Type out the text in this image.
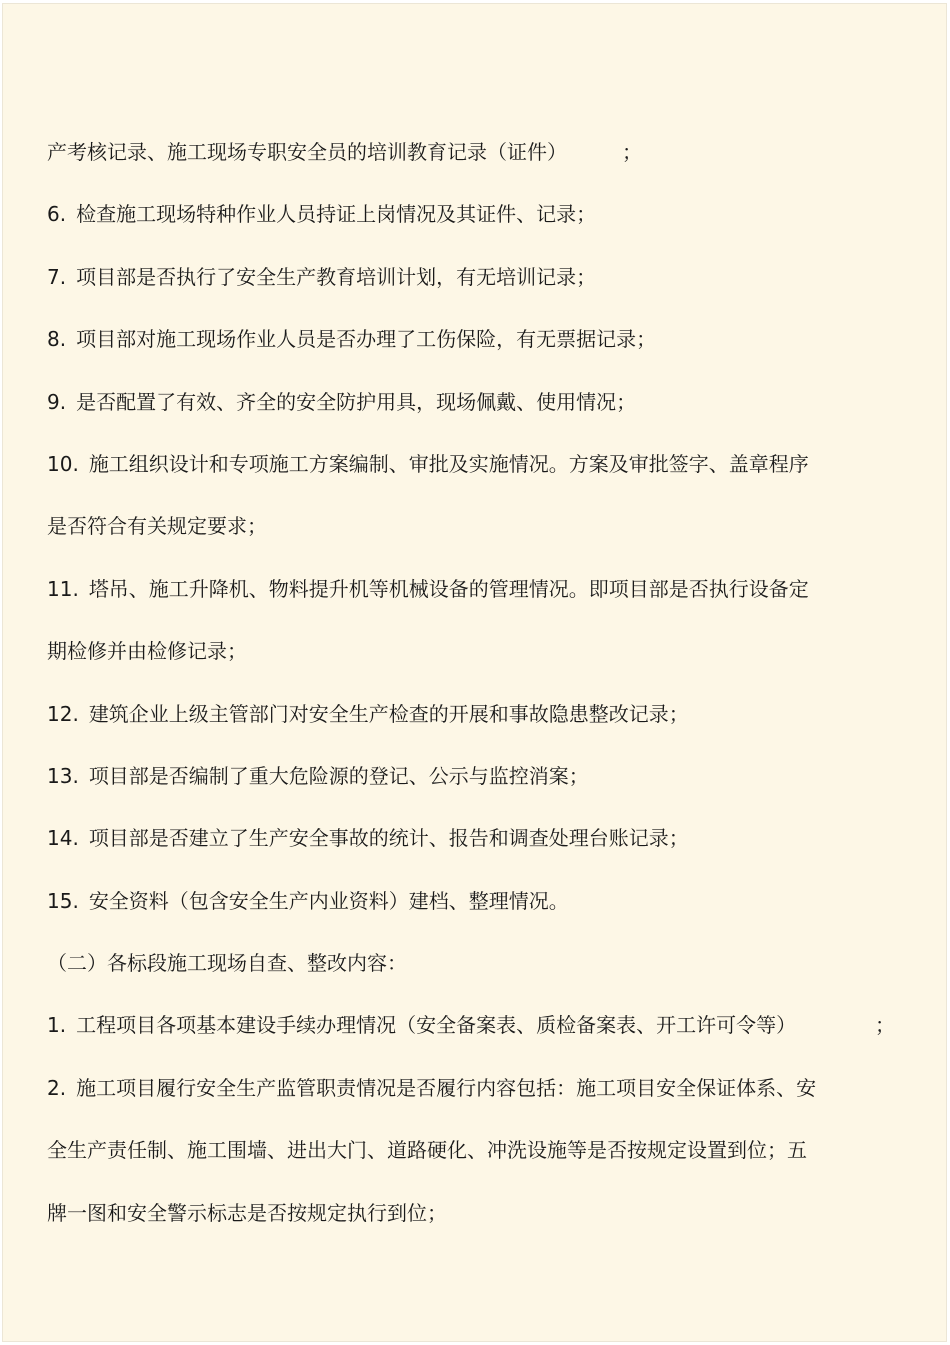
产考核记录、施工现场专职安全员的培训教育记录（证件）	；
6. 检查施工现场特种作业人员持证上岗情况及其证件、记录；
7. 项目部是否执行了安全生产教育培训计划，有无培训记录；
8. 项目部对施工现场作业人员是否办理了工伤保险，有无票据记录；
9. 是否配置了有效、齐全的安全防护用具，现场佩戴、使用情况；
10. 施工组织设计和专项施工方案编制、审批及实施情况。方案及审批签字、盖章程序
是否符合有关规定要求；
11. 塔吊、施工升降机、物料提升机等机械设备的管理情况。即项目部是否执行设备定
期检修并由检修记录；
12. 建筑企业上级主管部门对安全生产检查的开展和事故隐患整改记录；
13. 项目部是否编制了重大危险源的登记、公示与监控消案；
14. 项目部是否建立了生产安全事故的统计、报告和调查处理台账记录；
15. 安全资料（包含安全生产内业资料）建档、整理情况。
（二）各标段施工现场自查、整改内容：
1. 工程项目各项基本建设手续办理情况（安全备案表、质检备案表、开工许可令等）	；
2. 施工项目履行安全生产监管职责情况是否履行内容包括：施工项目安全保证体系、安
全生产责任制、施工围墙、进出大门、道路硬化、冲洗设施等是否按规定设置到位；五
牌一图和安全警示标志是否按规定执行到位；
